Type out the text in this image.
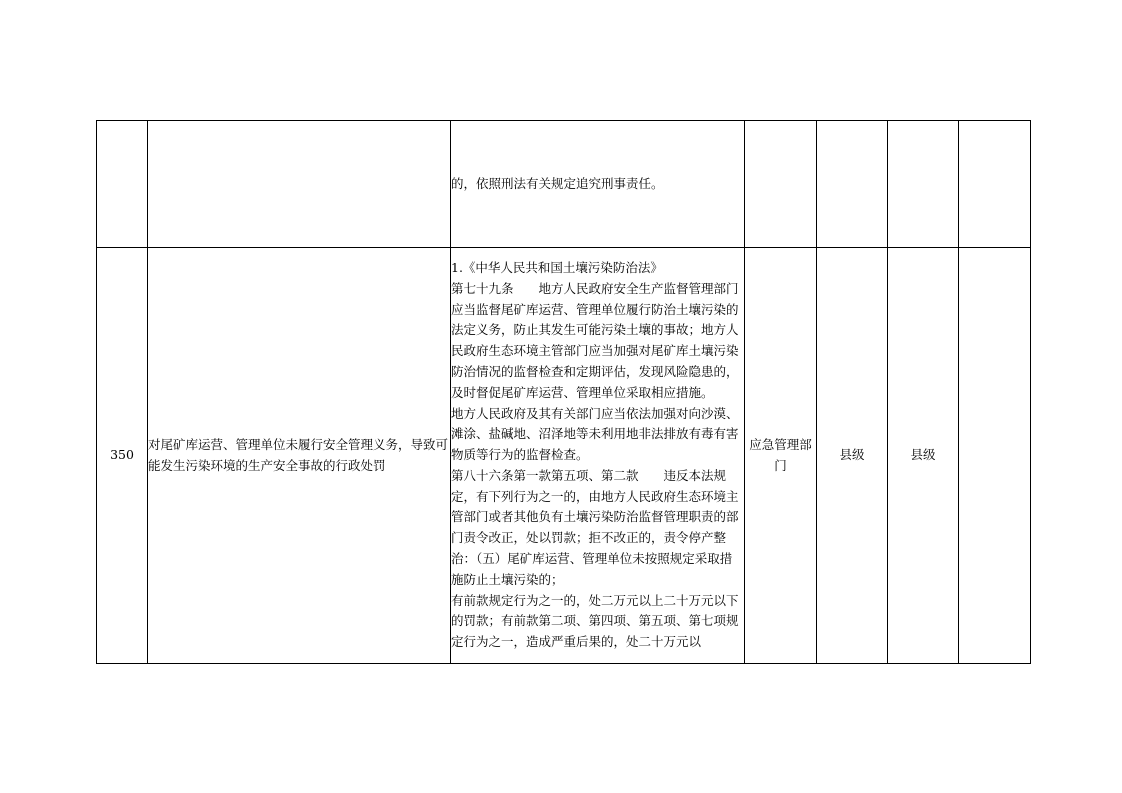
		的，依照刑法有关规定追究刑事责任。				

350	对尾矿库运营、管理单位未履行安全管理义务，导致可能发生污染环境的生产安全事故的行政处罚	1.《中华人民共和国土壤污染防治法》
第七十九条　　地方人民政府安全生产监督管理部门应当监督尾矿库运营、管理单位履行防治土壤污染的法定义务，防止其发生可能污染土壤的事故；地方人民政府生态环境主管部门应当加强对尾矿库土壤污染防治情况的监督检查和定期评估，发现风险隐患的，及时督促尾矿库运营、管理单位采取相应措施。
地方人民政府及其有关部门应当依法加强对向沙漠、滩涂、盐碱地、沼泽地等未利用地非法排放有毒有害物质等行为的监督检查。
第八十六条第一款第五项、第二款　　违反本法规定，有下列行为之一的，由地方人民政府生态环境主管部门或者其他负有土壤污染防治监督管理职责的部门责令改正，处以罚款；拒不改正的，责令停产整治：（五）尾矿库运营、管理单位未按照规定采取措施防止土壤污染的；
有前款规定行为之一的，处二万元以上二十万元以下的罚款；有前款第二项、第四项、第五项、第七项规定行为之一，造成严重后果的，处二十万元以	应急管理部门	县级	县级	
